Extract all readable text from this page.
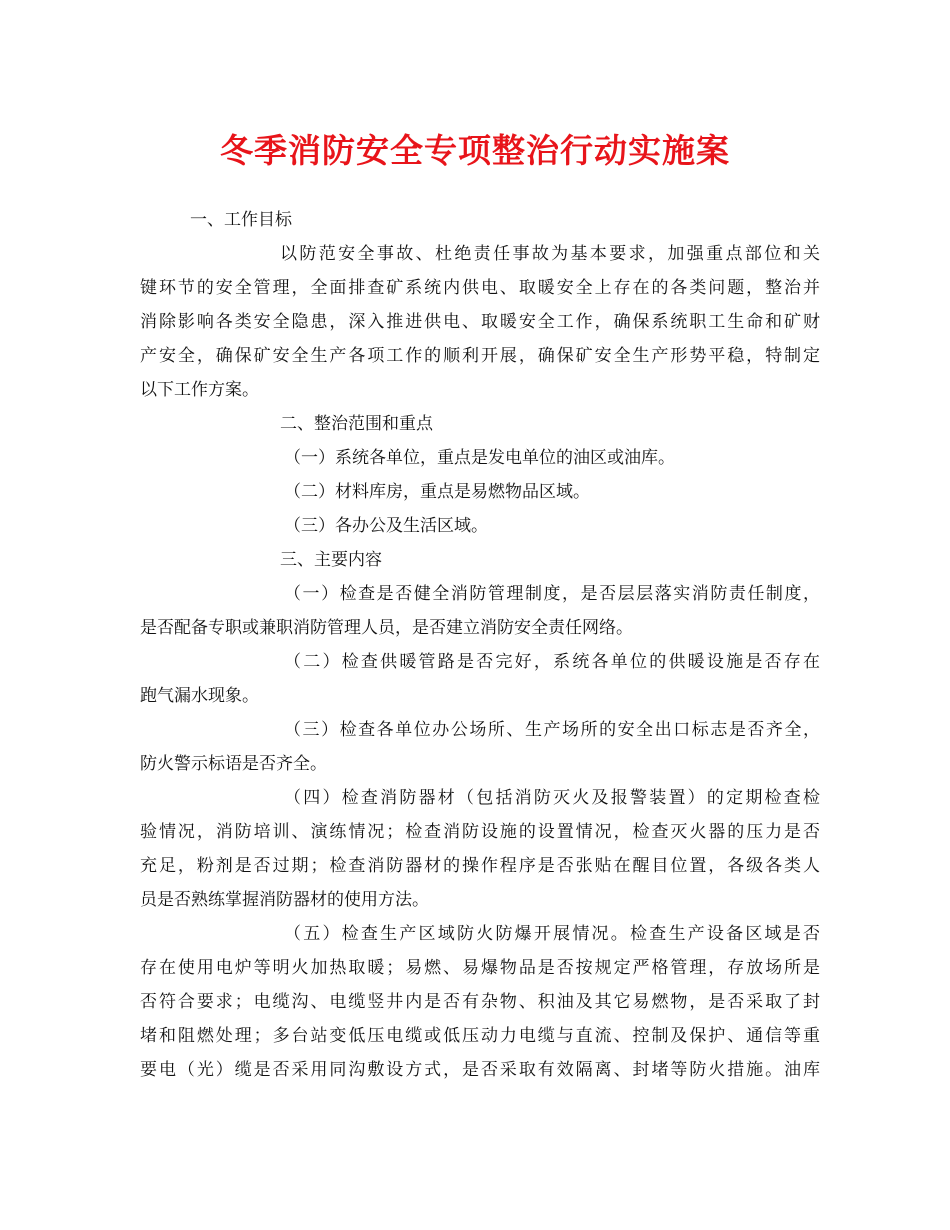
冬季消防安全专项整治行动实施案
一、工作目标
以防范安全事故、杜绝责任事故为基本要求，加强重点部位和关
键环节的安全管理，全面排查矿系统内供电、取暖安全上存在的各类问题，整治并
消除影响各类安全隐患，深入推进供电、取暖安全工作，确保系统职工生命和矿财
产安全，确保矿安全生产各项工作的顺利开展，确保矿安全生产形势平稳，特制定
以下工作方案。
二、整治范围和重点
（一）系统各单位，重点是发电单位的油区或油库。
（二）材料库房，重点是易燃物品区域。
（三）各办公及生活区域。
三、主要内容
（一）检查是否健全消防管理制度，是否层层落实消防责任制度，
是否配备专职或兼职消防管理人员，是否建立消防安全责任网络。
（二）检查供暖管路是否完好，系统各单位的供暖设施是否存在
跑气漏水现象。
（三）检查各单位办公场所、生产场所的安全出口标志是否齐全，
防火警示标语是否齐全。
（四）检查消防器材（包括消防灭火及报警装置）的定期检查检
验情况，消防培训、演练情况；检查消防设施的设置情况，检查灭火器的压力是否
充足，粉剂是否过期；检查消防器材的操作程序是否张贴在醒目位置，各级各类人
员是否熟练掌握消防器材的使用方法。
（五）检查生产区域防火防爆开展情况。检查生产设备区域是否
存在使用电炉等明火加热取暖；易燃、易爆物品是否按规定严格管理，存放场所是
否符合要求；电缆沟、电缆竖井内是否有杂物、积油及其它易燃物，是否采取了封
堵和阻燃处理；多台站变低压电缆或低压动力电缆与直流、控制及保护、通信等重
要电（光）缆是否采用同沟敷设方式，是否采取有效隔离、封堵等防火措施。油库
